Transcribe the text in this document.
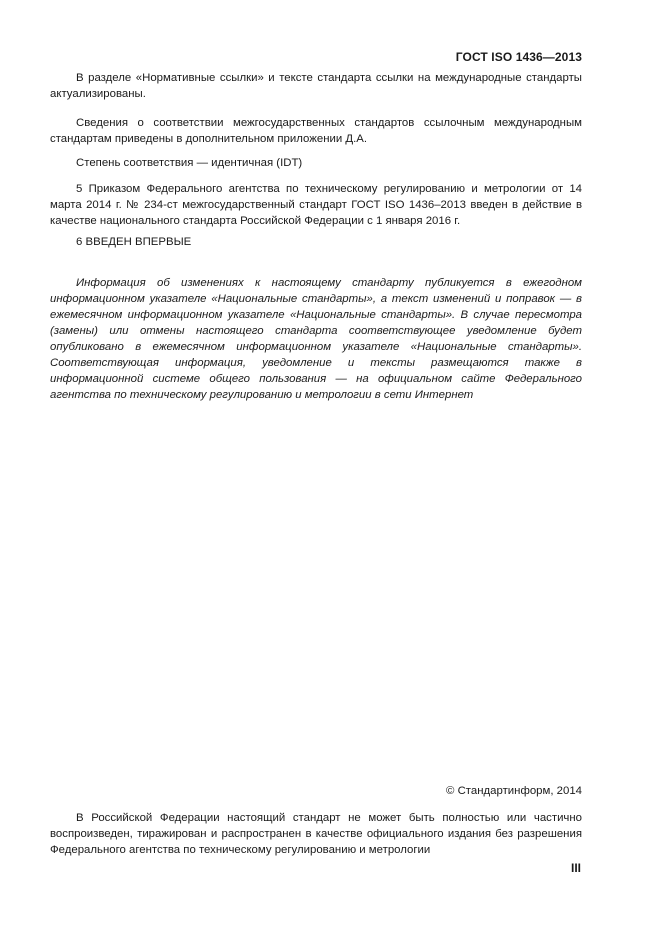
ГОСТ ISO 1436—2013

В разделе «Нормативные ссылки» и тексте стандарта ссылки на международные стандарты актуализированы.

Сведения о соответствии межгосударственных стандартов ссылочным международным стандартам приведены в дополнительном приложении Д.А.

Степень соответствия — идентичная (IDT)

5 Приказом Федерального агентства по техническому регулированию и метрологии от 14 марта 2014 г. № 234-ст межгосударственный стандарт ГОСТ ISO 1436–2013 введен в действие в качестве национального стандарта Российской Федерации с 1 января 2016 г.

6 ВВЕДЕН ВПЕРВЫЕ

Информация об изменениях к настоящему стандарту публикуется в ежегодном информационном указателе «Национальные стандарты», а текст изменений и поправок — в ежемесячном информационном указателе «Национальные стандарты». В случае пересмотра (замены) или отмены настоящего стандарта соответствующее уведомление будет опубликовано в ежемесячном информационном указателе «Национальные стандарты». Соответствующая информация, уведомление и тексты размещаются также в информационной системе общего пользования — на официальном сайте Федерального агентства по техническому регулированию и метрологии в сети Интернет

© Стандартинформ, 2014

В Российской Федерации настоящий стандарт не может быть полностью или частично воспроизведен, тиражирован и распространен в качестве официального издания без разрешения Федерального агентства по техническому регулированию и метрологии

III
